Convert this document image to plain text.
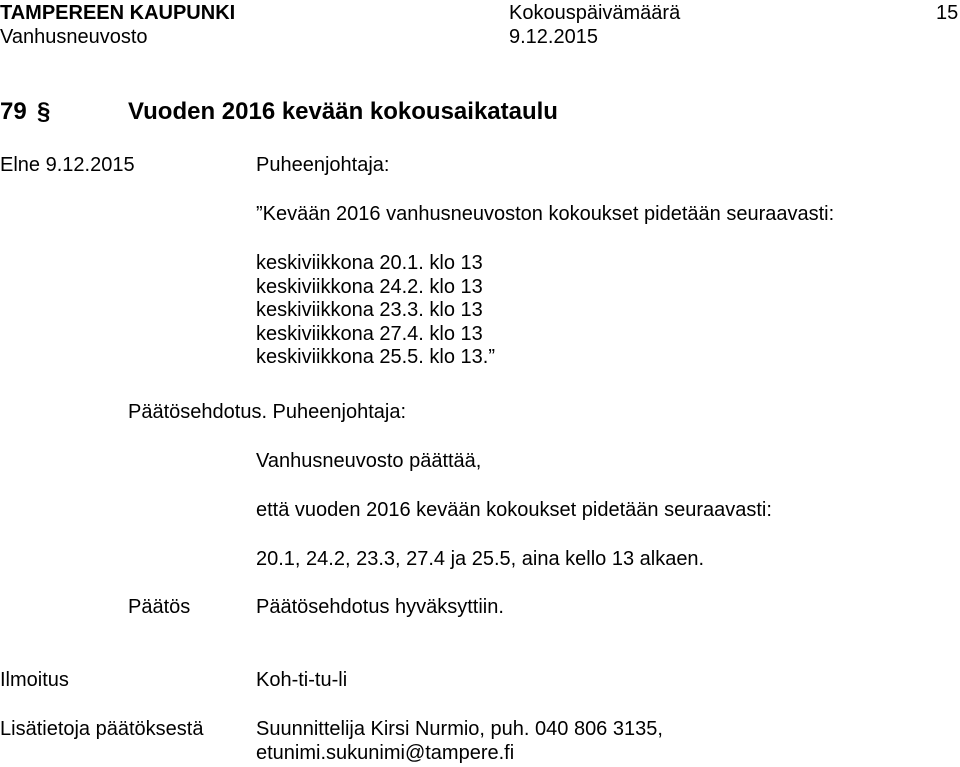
TAMPEREEN KAUPUNKI	Kokouspäivämäärä	15
Vanhusneuvosto	9.12.2015
79 §	Vuoden 2016 kevään kokousaikataulu
Elne 9.12.2015	Puheenjohtaja:
”Kevään 2016 vanhusneuvoston kokoukset pidetään seuraavasti:
keskiviikkona 20.1. klo 13
keskiviikkona 24.2. klo 13
keskiviikkona 23.3. klo 13
keskiviikkona 27.4. klo 13
keskiviikkona 25.5. klo 13.”
Päätösehdotus. Puheenjohtaja:
Vanhusneuvosto päättää,
että vuoden 2016 kevään kokoukset pidetään seuraavasti:
20.1, 24.2, 23.3, 27.4 ja 25.5, aina kello 13 alkaen.
Päätös	Päätösehdotus hyväksyttiin.
Ilmoitus	Koh-ti-tu-li
Lisätietoja päätöksestä	Suunnittelija Kirsi Nurmio, puh. 040 806 3135,
etunimi.sukunimi@tampere.fi
